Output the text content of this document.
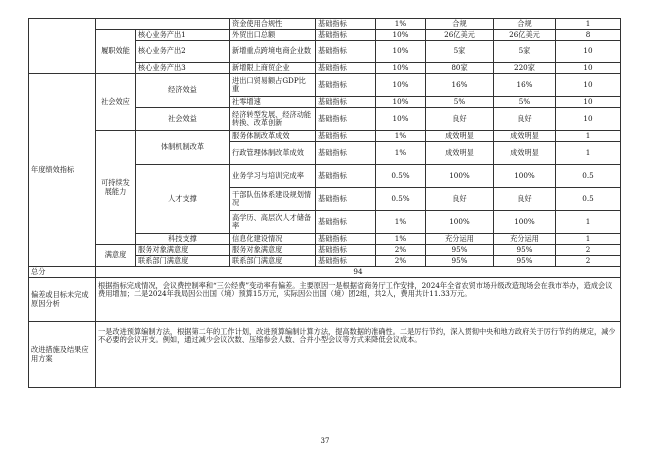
			资金使用合规性	基础指标	1%	合规	合规	1
	履职效能	核心业务产出1	外贸出口总额	基础指标	10%	26亿美元	26亿美元	8
		核心业务产出2	新增重点跨境电商企业数	基础指标	10%	5家	5家	10
		核心业务产出3	新增限上商贸企业	基础指标	10%	80家	220家	10
年度绩效指标	社会效应	经济效益	进出口贸易额占GDP比重	基础指标	10%	16%	16%	10
			社零增速	基础指标	10%	5%	5%	10
		社会效益	经济转型发展、经济动能转换、改革创新	基础指标	10%	良好	良好	10
	可持续发展能力	体制机制改革	服务体制改革成效	基础指标	1%	成效明显	成效明显	1
			行政管理体制改革成效	基础指标	1%	成效明显	成效明显	1
		人才支撑	业务学习与培训完成率	基础指标	0.5%	100%	100%	0.5
			干部队伍体系建设规划情况	基础指标	0.5%	良好	良好	0.5
			高学历、高层次人才储备率	基础指标	1%	100%	100%	1
		科技支撑	信息化建设情况	基础指标	1%	充分运用	充分运用	1
	满意度	服务对象满意度	服务对象满意度	基础指标	2%	95%	95%	2
		联系部门满意度	联系部门满意度	基础指标	2%	95%	95%	2
总分	94							
偏差或目标未完成原因分析	根据指标完成情况，会议费控制率和“三公经费”变动率有偏差。主要原因一是根据省商务厅工作安排，2024年全省农贸市场升级改造现场会在我市举办，造成会议费用增加；二是2024年我局因公出国（境）预算15万元，实际因公出国（境）团2组，共2人，费用共计11.33万元。							
改进措施及结果应用方案	一是改进预算编制方法，根据第二年的工作计划，改进预算编制计算方法，提高数据的准确性。二是厉行节约，深入贯彻中央和地方政府关于厉行节约的规定，减少不必要的会议开支。例如，通过减少会议次数、压缩参会人数、合并小型会议等方式来降低会议成本。							
37
